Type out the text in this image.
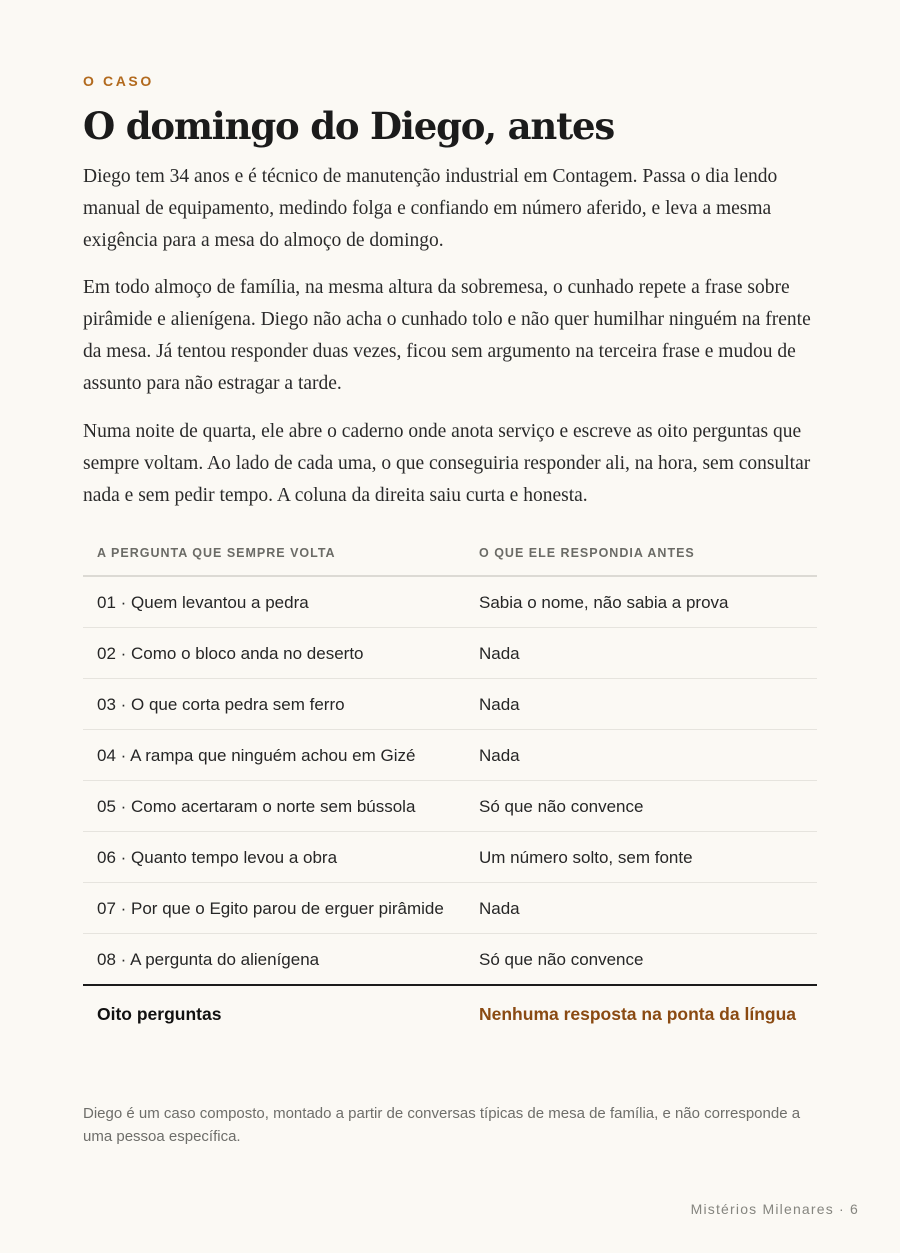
O CASO
O domingo do Diego, antes

Diego tem 34 anos e é técnico de manutenção industrial em Contagem. Passa o dia lendo manual de equipamento, medindo folga e confiando em número aferido, e leva a mesma exigência para a mesa do almoço de domingo.

Em todo almoço de família, na mesma altura da sobremesa, o cunhado repete a frase sobre pirâmide e alienígena. Diego não acha o cunhado tolo e não quer humilhar ninguém na frente da mesa. Já tentou responder duas vezes, ficou sem argumento na terceira frase e mudou de assunto para não estragar a tarde.

Numa noite de quarta, ele abre o caderno onde anota serviço e escreve as oito perguntas que sempre voltam. Ao lado de cada uma, o que conseguiria responder ali, na hora, sem consultar nada e sem pedir tempo. A coluna da direita saiu curta e honesta.

A PERGUNTA QUE SEMPRE VOLTA	O QUE ELE RESPONDIA ANTES
01 · Quem levantou a pedra	Sabia o nome, não sabia a prova
02 · Como o bloco anda no deserto	Nada
03 · O que corta pedra sem ferro	Nada
04 · A rampa que ninguém achou em Gizé	Nada
05 · Como acertaram o norte sem bússola	Só que não convence
06 · Quanto tempo levou a obra	Um número solto, sem fonte
07 · Por que o Egito parou de erguer pirâmide	Nada
08 · A pergunta do alienígena	Só que não convence
Oito perguntas	Nenhuma resposta na ponta da língua

Diego é um caso composto, montado a partir de conversas típicas de mesa de família, e não corresponde a uma pessoa específica.

Mistérios Milenares · 6
